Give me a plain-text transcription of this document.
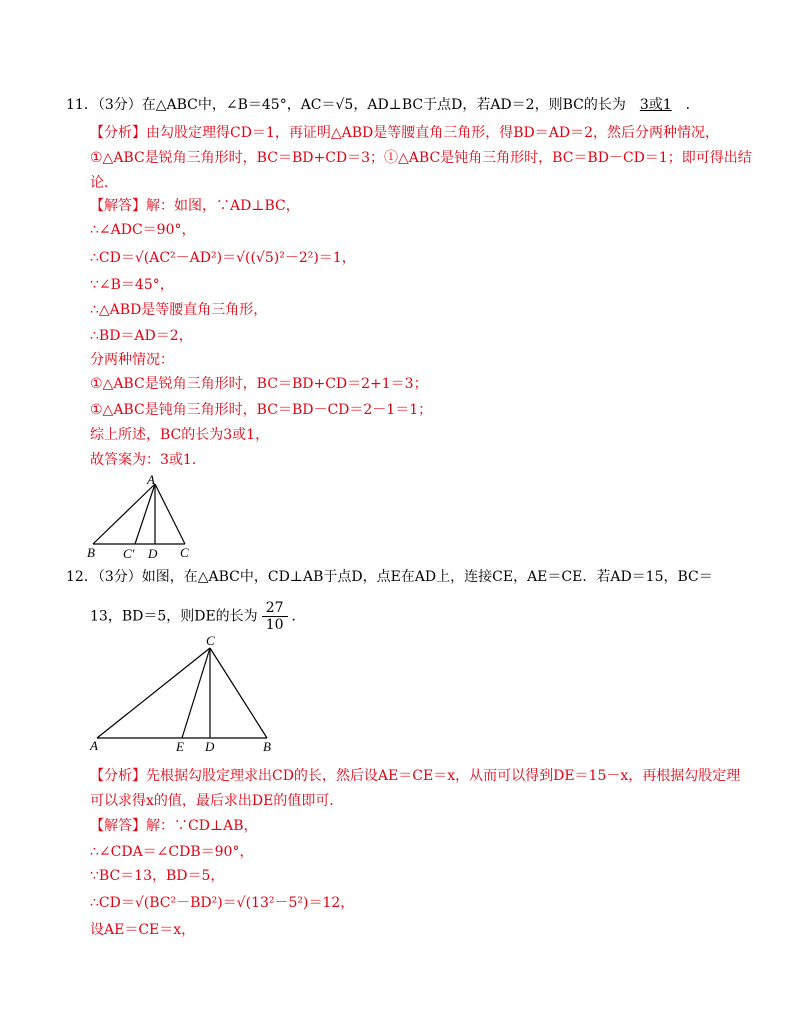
11．（3分）在△ABC中，∠B＝45°，AC＝√5，AD⊥BC于点D，若AD＝2，则BC的长为 3或1 ．
【分析】由勾股定理得CD＝1，再证明△ABD是等腰直角三角形，得BD＝AD＝2，然后分两种情况，
①△ABC是锐角三角形时，BC＝BD+CD＝3；①△ABC是钝角三角形时，BC＝BD－CD＝1；即可得出结
论．
【解答】解：如图，∵AD⊥BC，
∴∠ADC＝90°，
∴CD＝√(AC²－AD²)＝√((√5)²－2²)＝1，
∵∠B＝45°，
∴△ABD是等腰直角三角形，
∴BD＝AD＝2，
分两种情况：
①△ABC是锐角三角形时，BC＝BD+CD＝2+1＝3；
①△ABC是钝角三角形时，BC＝BD－CD＝2－1＝1；
综上所述，BC的长为3或1，
故答案为：3或1．
A
B C′ D C
12．（3分）如图，在△ABC中，CD⊥AB于点D，点E在AD上，连接CE，AE＝CE．若AD＝15，BC＝
13，BD＝5，则DE的长为 $\frac{27}{10}$ ．
C
A	E D	B
【分析】先根据勾股定理求出CD的长，然后设AE＝CE＝x，从而可以得到DE＝15－x，再根据勾股定理
可以求得x的值，最后求出DE的值即可．
【解答】解：∵CD⊥AB，
∴∠CDA＝∠CDB＝90°，
∵BC＝13，BD＝5，
∴CD＝√(BC²－BD²)＝√(13²－5²)＝12，
设AE＝CE＝x，
